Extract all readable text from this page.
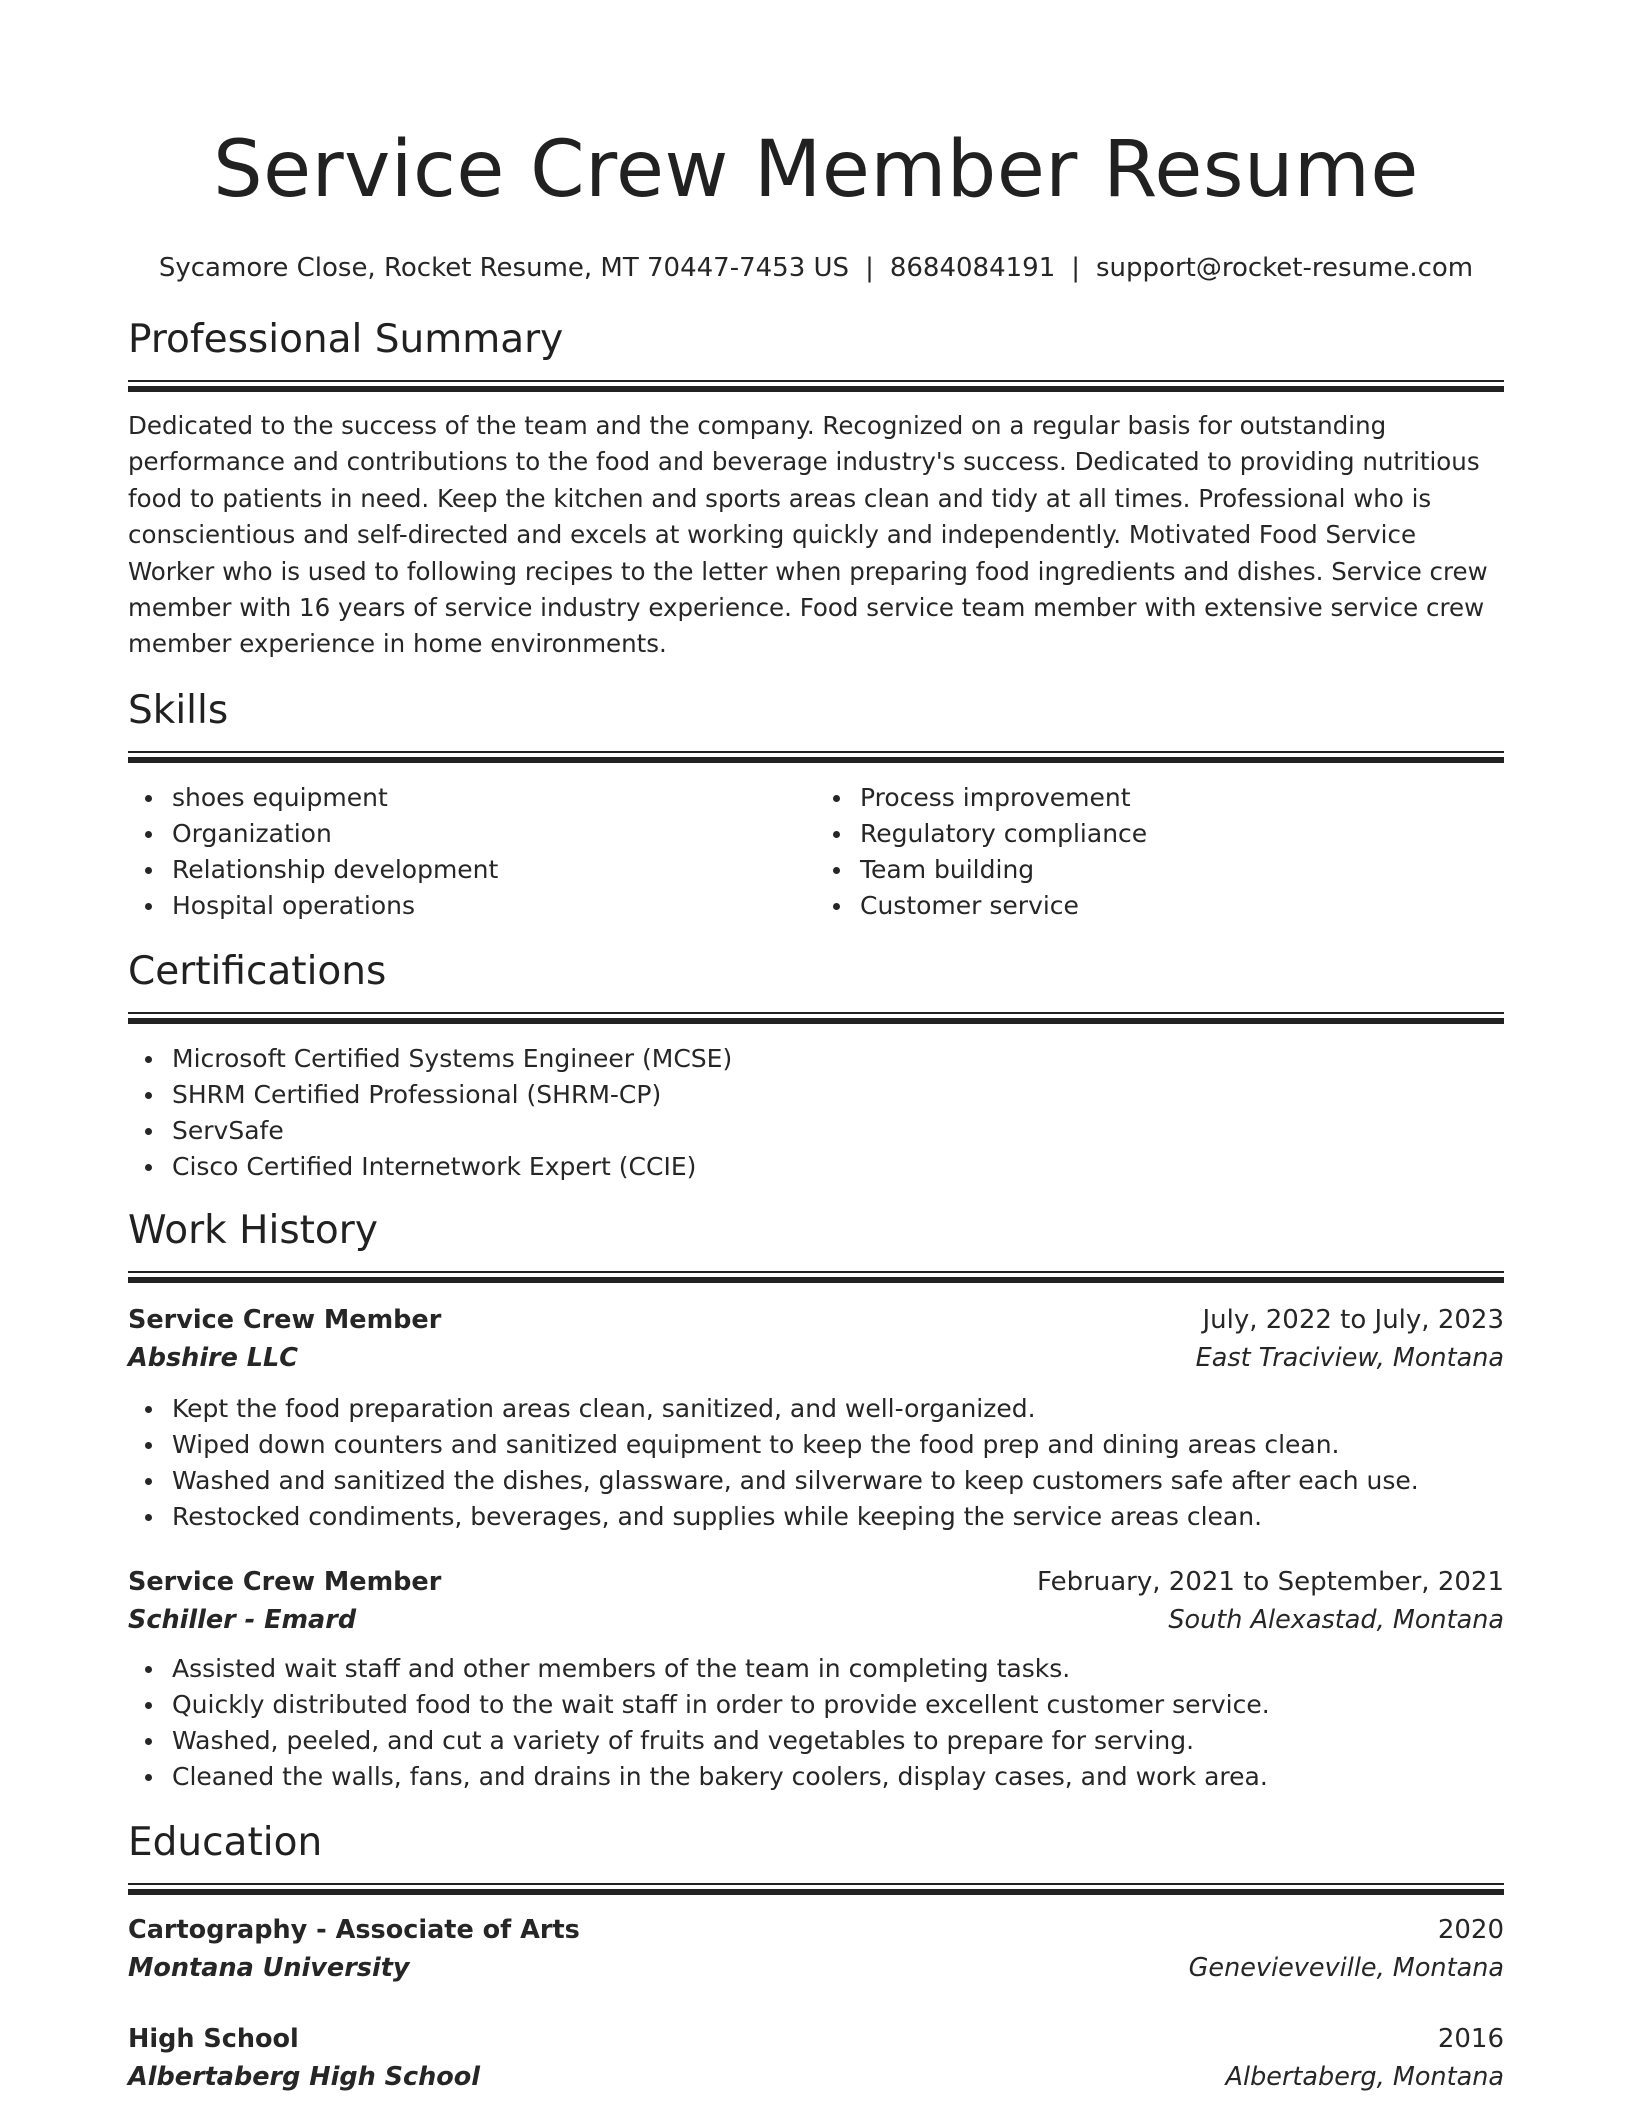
Service Crew Member Resume
Sycamore Close, Rocket Resume, MT 70447-7453 US | 8684084191 | support@rocket-resume.com
Professional Summary

Dedicated to the success of the team and the company. Recognized on a regular basis for outstanding performance and contributions to the food and beverage industry's success. Dedicated to providing nutritious food to patients in need. Keep the kitchen and sports areas clean and tidy at all times. Professional who is conscientious and self-directed and excels at working quickly and independently. Motivated Food Service Worker who is used to following recipes to the letter when preparing food ingredients and dishes. Service crew member with 16 years of service industry experience. Food service team member with extensive service crew member experience in home environments.

Skills
shoes equipment
Organization
Relationship development
Hospital operations
Process improvement
Regulatory compliance
Team building
Customer service
Certifications
Microsoft Certified Systems Engineer (MCSE)
SHRM Certified Professional (SHRM-CP)
ServSafe
Cisco Certified Internetwork Expert (CCIE)
Work History
Service Crew Member	July, 2022 to July, 2023
Abshire LLC	East Traciview, Montana
Kept the food preparation areas clean, sanitized, and well-organized.
Wiped down counters and sanitized equipment to keep the food prep and dining areas clean.
Washed and sanitized the dishes, glassware, and silverware to keep customers safe after each use.
Restocked condiments, beverages, and supplies while keeping the service areas clean.
Service Crew Member	February, 2021 to September, 2021
Schiller - Emard	South Alexastad, Montana
Assisted wait staff and other members of the team in completing tasks.
Quickly distributed food to the wait staff in order to provide excellent customer service.
Washed, peeled, and cut a variety of fruits and vegetables to prepare for serving.
Cleaned the walls, fans, and drains in the bakery coolers, display cases, and work area.
Education
Cartography - Associate of Arts	2020
Montana University	Genevieveville, Montana
High School	2016
Albertaberg High School	Albertaberg, Montana
